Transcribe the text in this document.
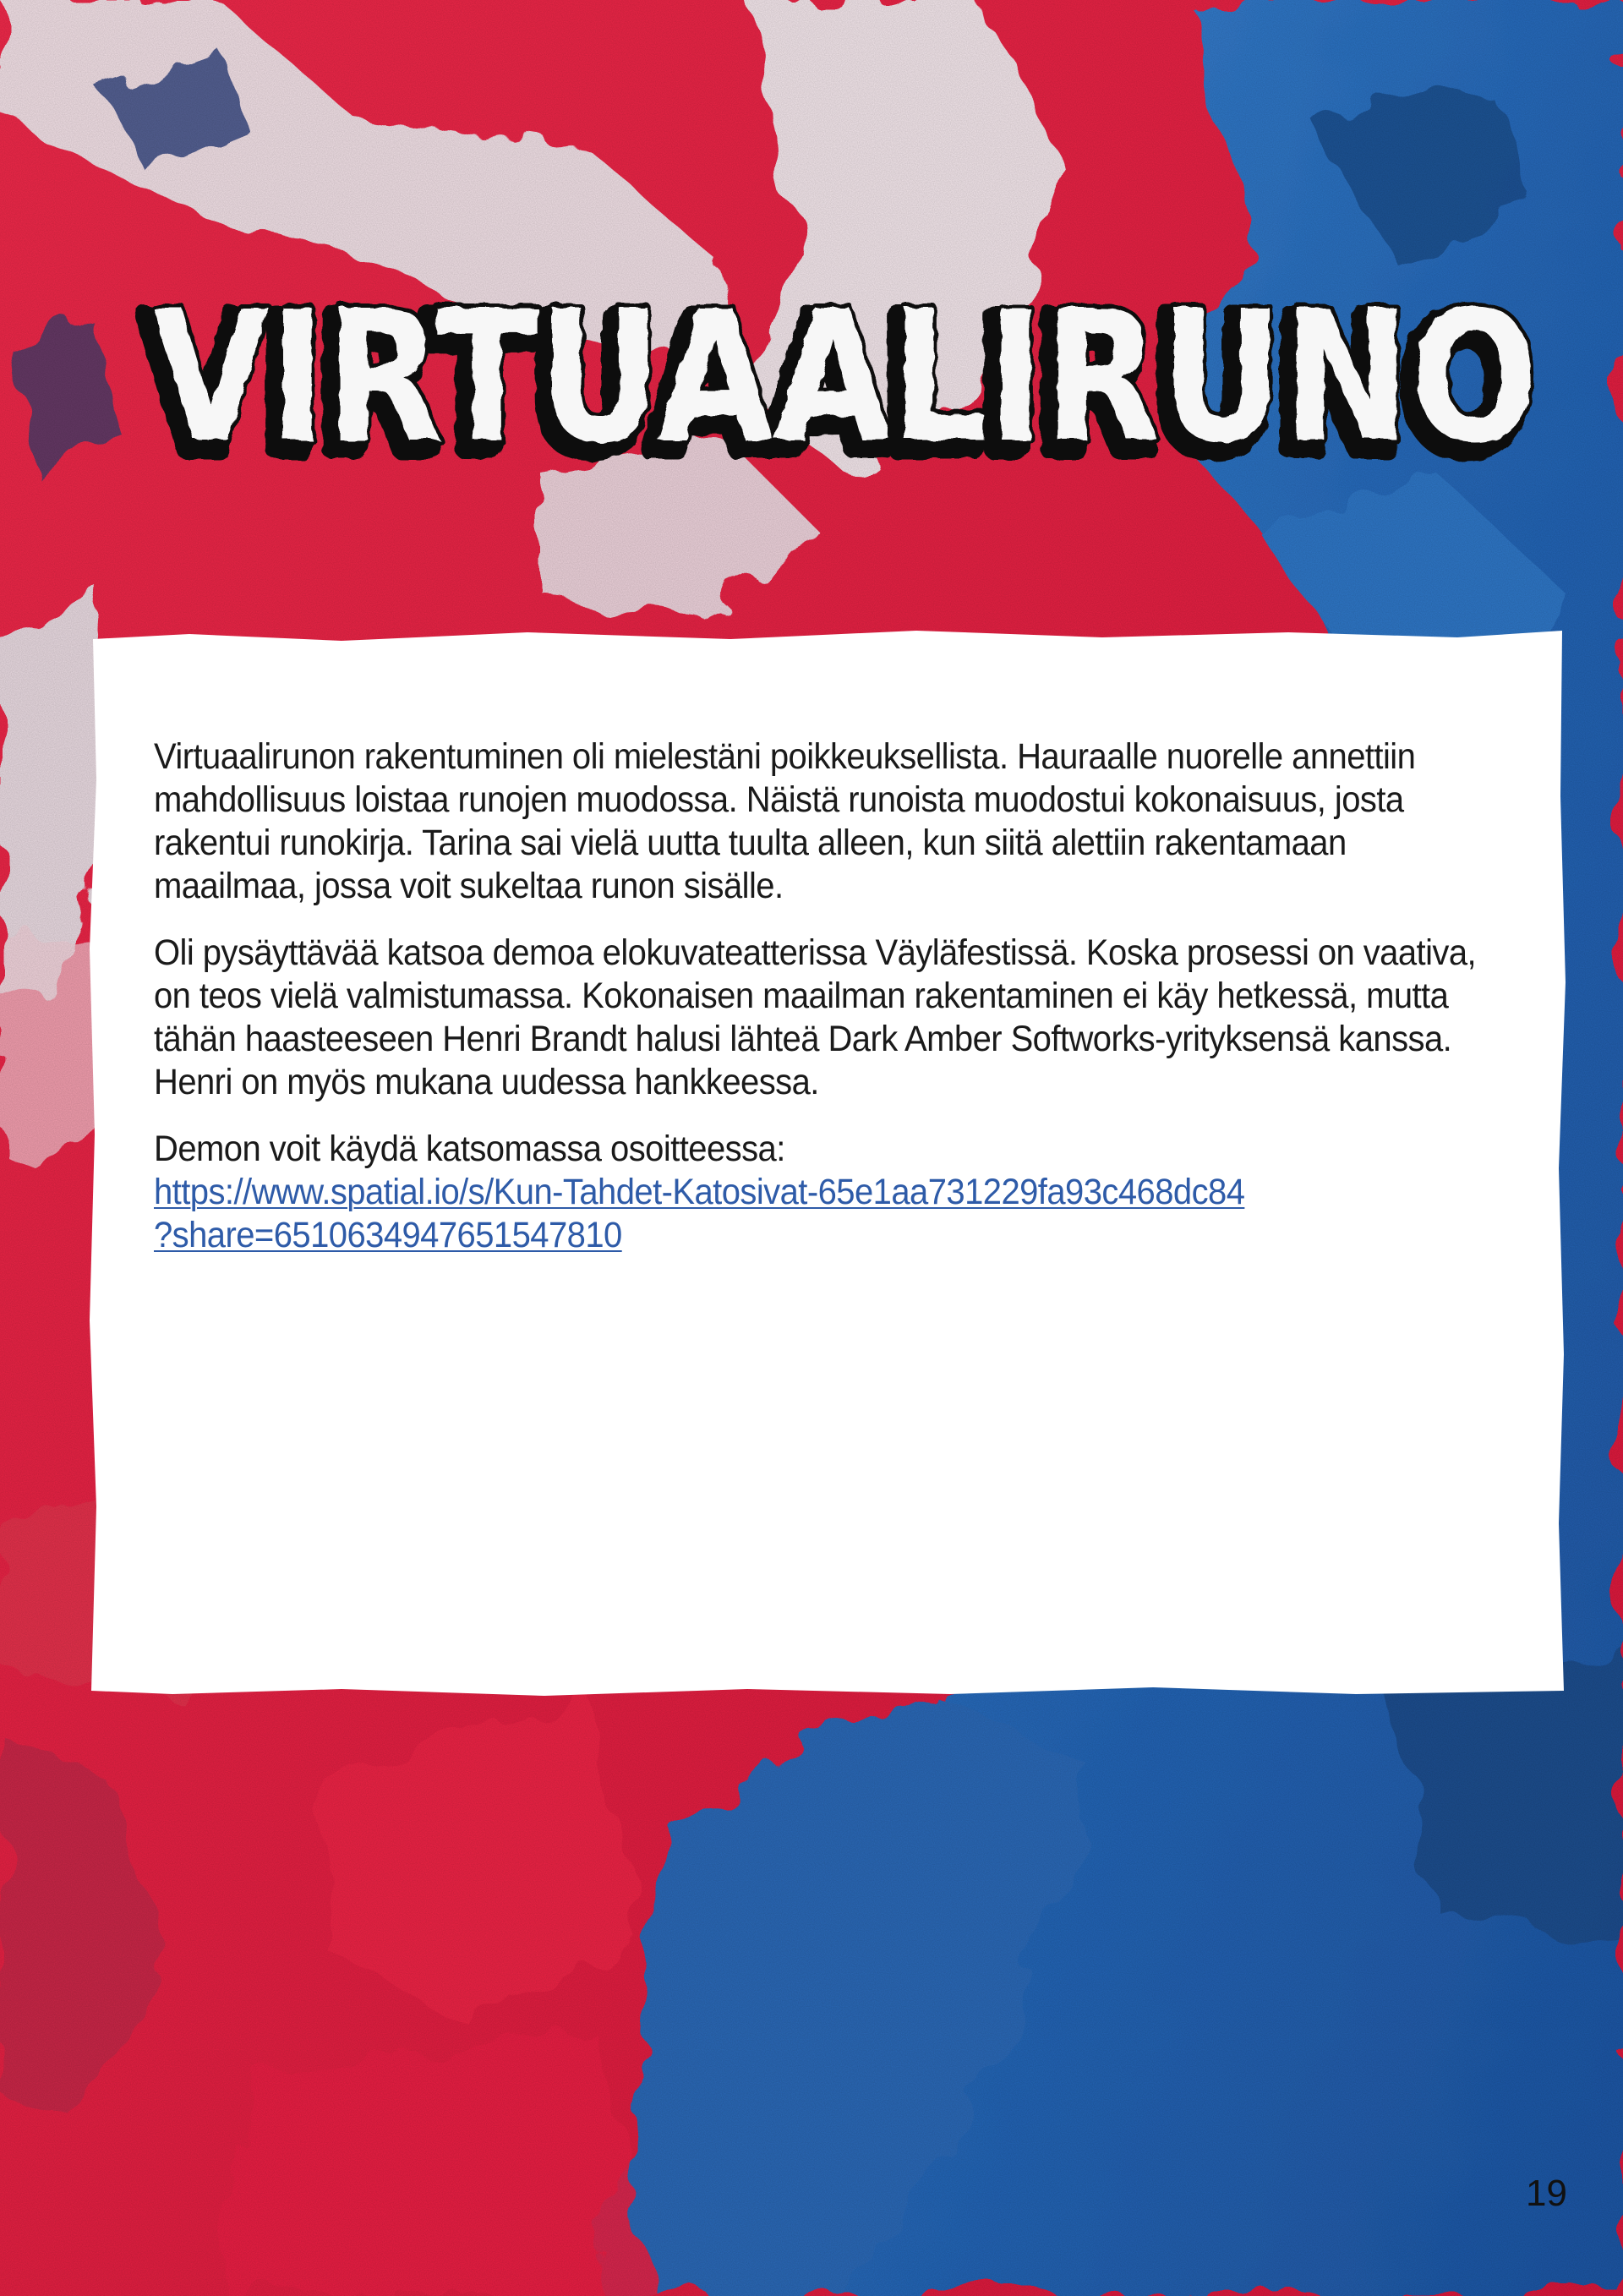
VIRTUAALIRUNO
VIRTUAALIRUNO
VIRTUAALIRUNO

Virtuaalirunon rakentuminen oli mielestäni poikkeuksellista. Hauraalle nuorelle annettiin mahdollisuus loistaa runojen muodossa. Näistä runoista muodostui kokonaisuus, josta rakentui runokirja. Tarina sai vielä uutta tuulta alleen, kun siitä alettiin rakentamaan maailmaa, jossa voit sukeltaa runon sisälle.

Oli pysäyttävää katsoa demoa elokuvateatterissa Väyläfestissä. Koska prosessi on vaativa, on teos vielä valmistumassa. Kokonaisen maailman rakentaminen ei käy hetkessä, mutta tähän haasteeseen Henri Brandt halusi lähteä Dark Amber Softworks-yrityksensä kanssa. Henri on myös mukana uudessa hankkeessa.

Demon voit käydä katsomassa osoitteessa:

https://www.spatial.io/s/Kun-Tahdet-Katosivat-65e1aa731229fa93c468dc84
?share=6510634947651547810
19
